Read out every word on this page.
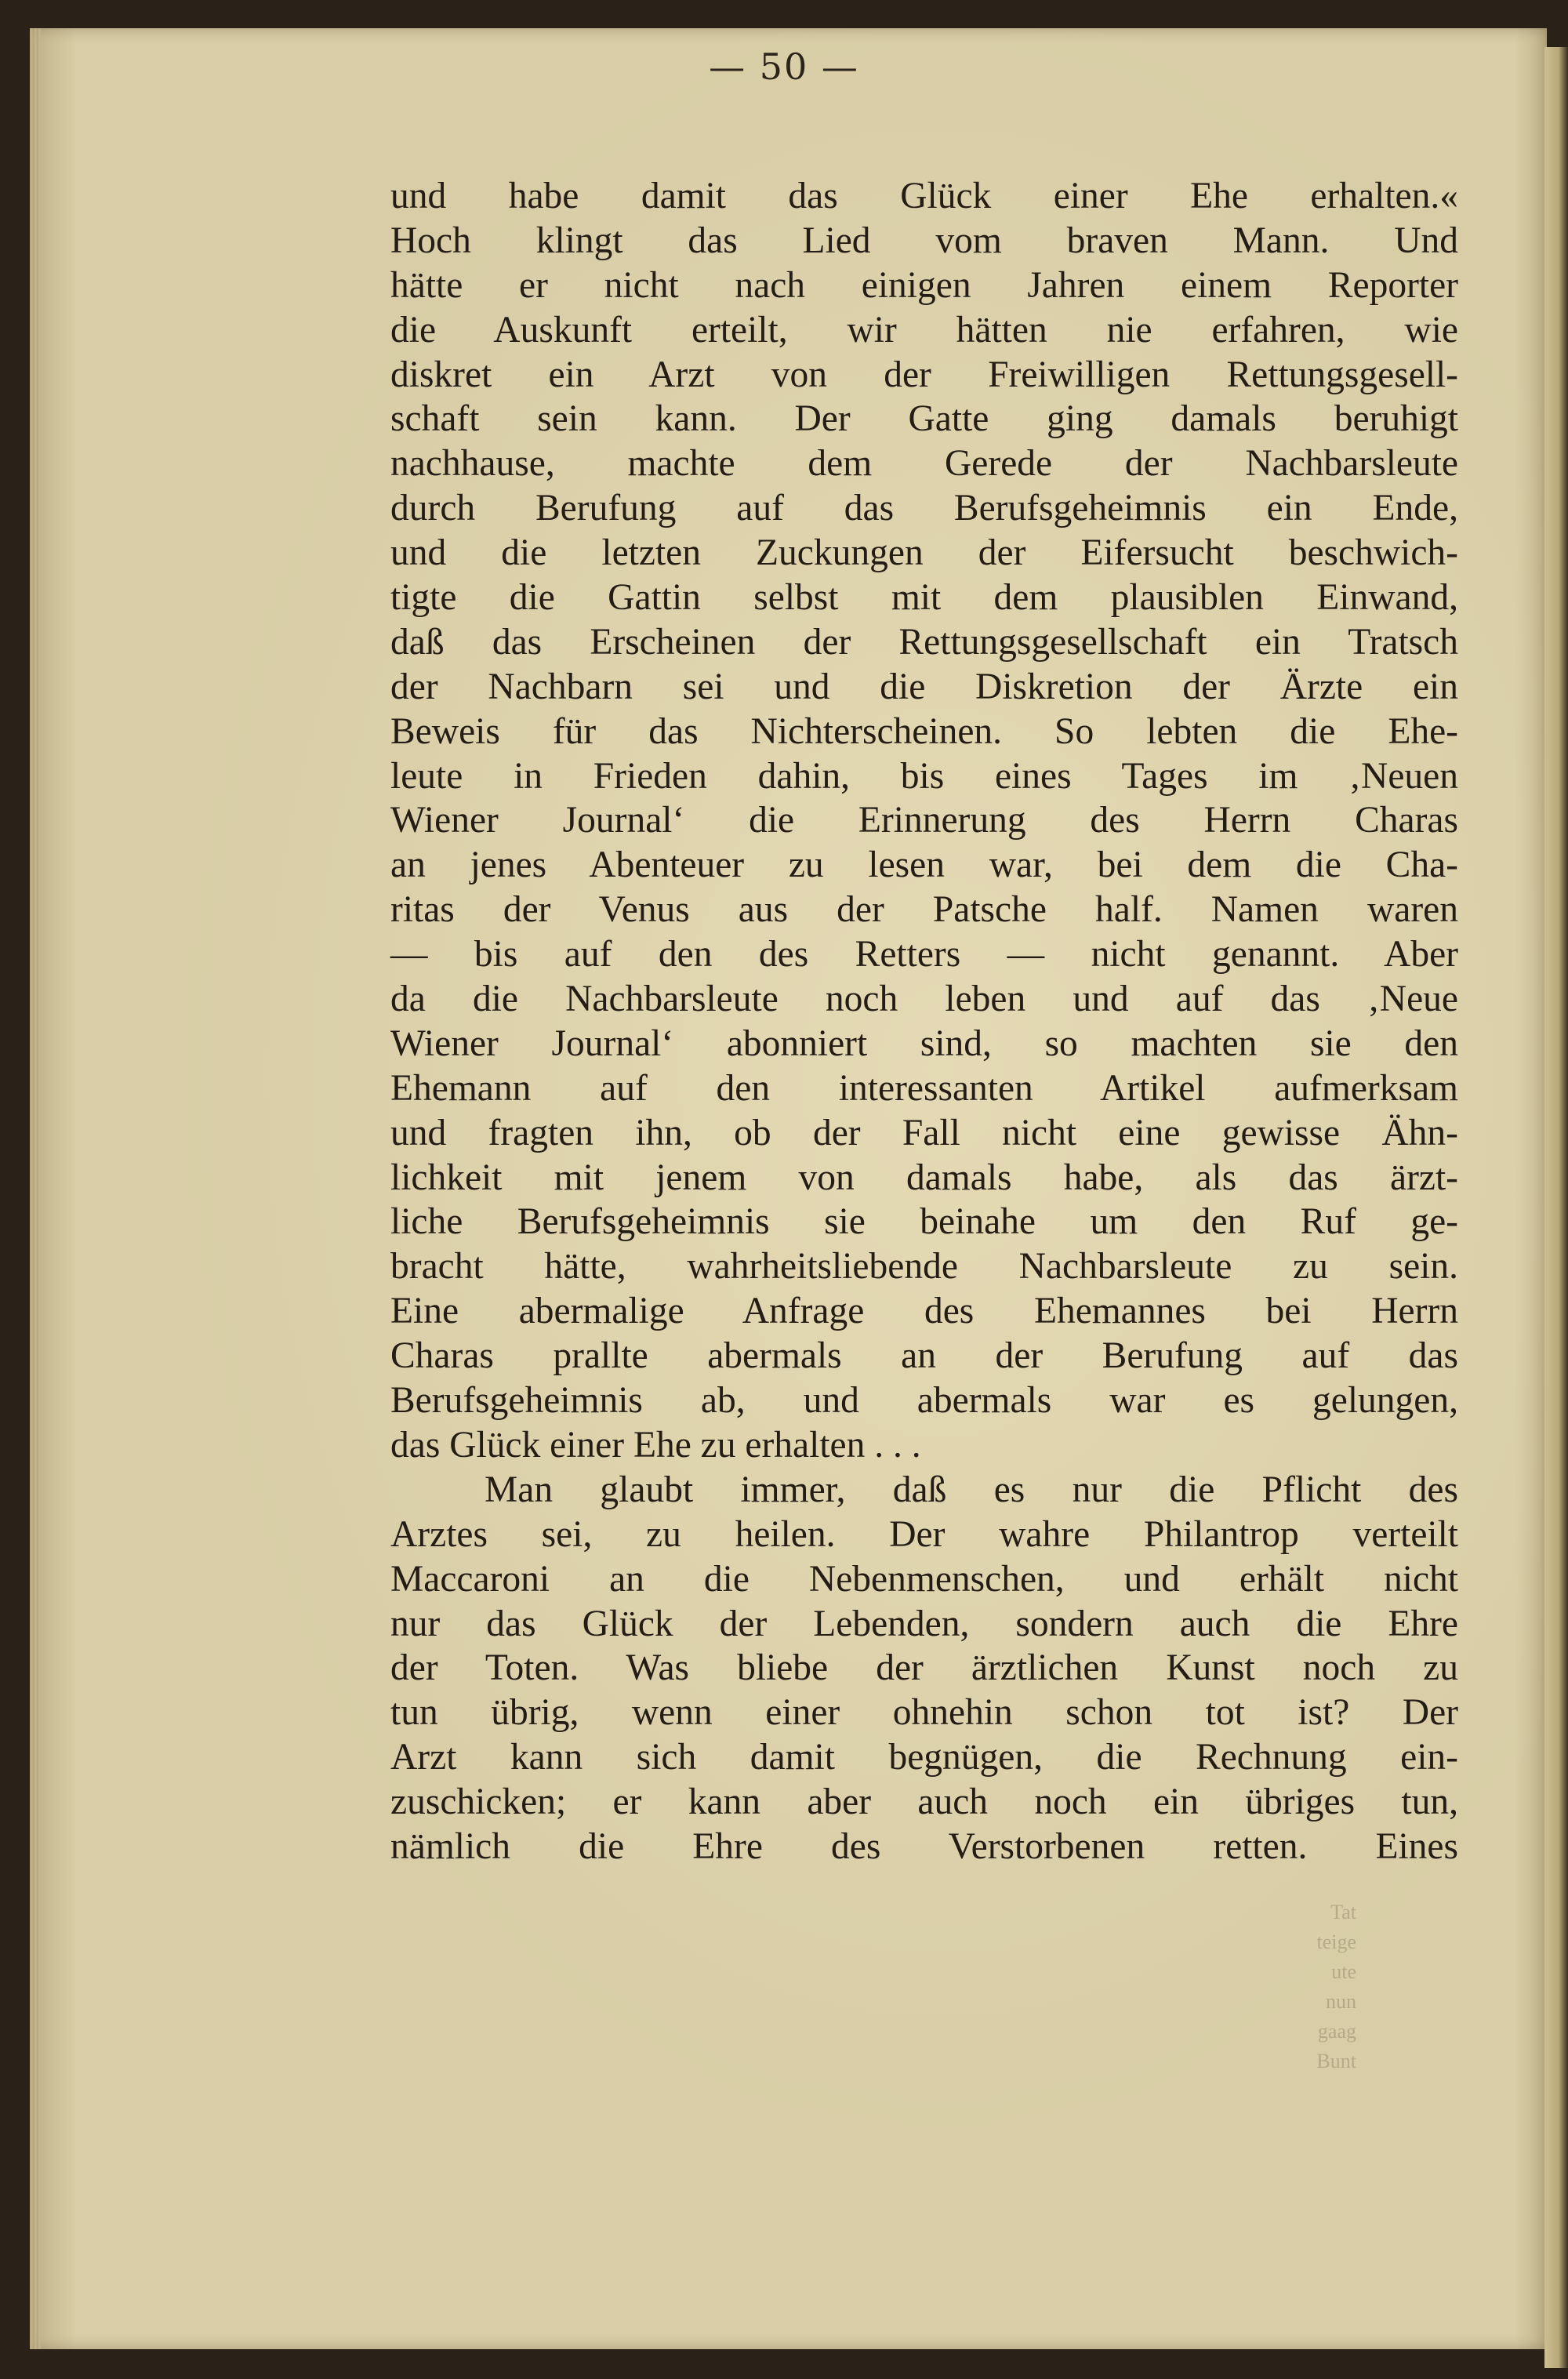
— 50 —
und habe damit das Glück einer Ehe erhalten.«
Hoch klingt das Lied vom braven Mann. Und
hätte er nicht nach einigen Jahren einem Reporter
die Auskunft erteilt, wir hätten nie erfahren, wie
diskret ein Arzt von der Freiwilligen Rettungsgesell-
schaft sein kann. Der Gatte ging damals beruhigt
nachhause, machte dem Gerede der Nachbarsleute
durch Berufung auf das Berufsgeheimnis ein Ende,
und die letzten Zuckungen der Eifersucht beschwich-
tigte die Gattin selbst mit dem plausiblen Einwand,
daß das Erscheinen der Rettungsgesellschaft ein Tratsch
der Nachbarn sei und die Diskretion der Ärzte ein
Beweis für das Nichterscheinen. So lebten die Ehe-
leute in Frieden dahin, bis eines Tages im ‚Neuen
Wiener Journal‘ die Erinnerung des Herrn Charas
an jenes Abenteuer zu lesen war, bei dem die Cha-
ritas der Venus aus der Patsche half. Namen waren
— bis auf den des Retters — nicht genannt. Aber
da die Nachbarsleute noch leben und auf das ‚Neue
Wiener Journal‘ abonniert sind, so machten sie den
Ehemann auf den interessanten Artikel aufmerksam
und fragten ihn, ob der Fall nicht eine gewisse Ähn-
lichkeit mit jenem von damals habe, als das ärzt-
liche Berufsgeheimnis sie beinahe um den Ruf ge-
bracht hätte, wahrheitsliebende Nachbarsleute zu sein.
Eine abermalige Anfrage des Ehemannes bei Herrn
Charas prallte abermals an der Berufung auf das
Berufsgeheimnis ab, und abermals war es gelungen,
das Glück einer Ehe zu erhalten . . .
Man glaubt immer, daß es nur die Pflicht des
Arztes sei, zu heilen. Der wahre Philantrop verteilt
Maccaroni an die Nebenmenschen, und erhält nicht
nur das Glück der Lebenden, sondern auch die Ehre
der Toten. Was bliebe der ärztlichen Kunst noch zu
tun übrig, wenn einer ohnehin schon tot ist? Der
Arzt kann sich damit begnügen, die Rechnung ein-
zuschicken; er kann aber auch noch ein übriges tun,
nämlich die Ehre des Verstorbenen retten. Eines
Tat
teige
ute
nun
gaag
Bunt
